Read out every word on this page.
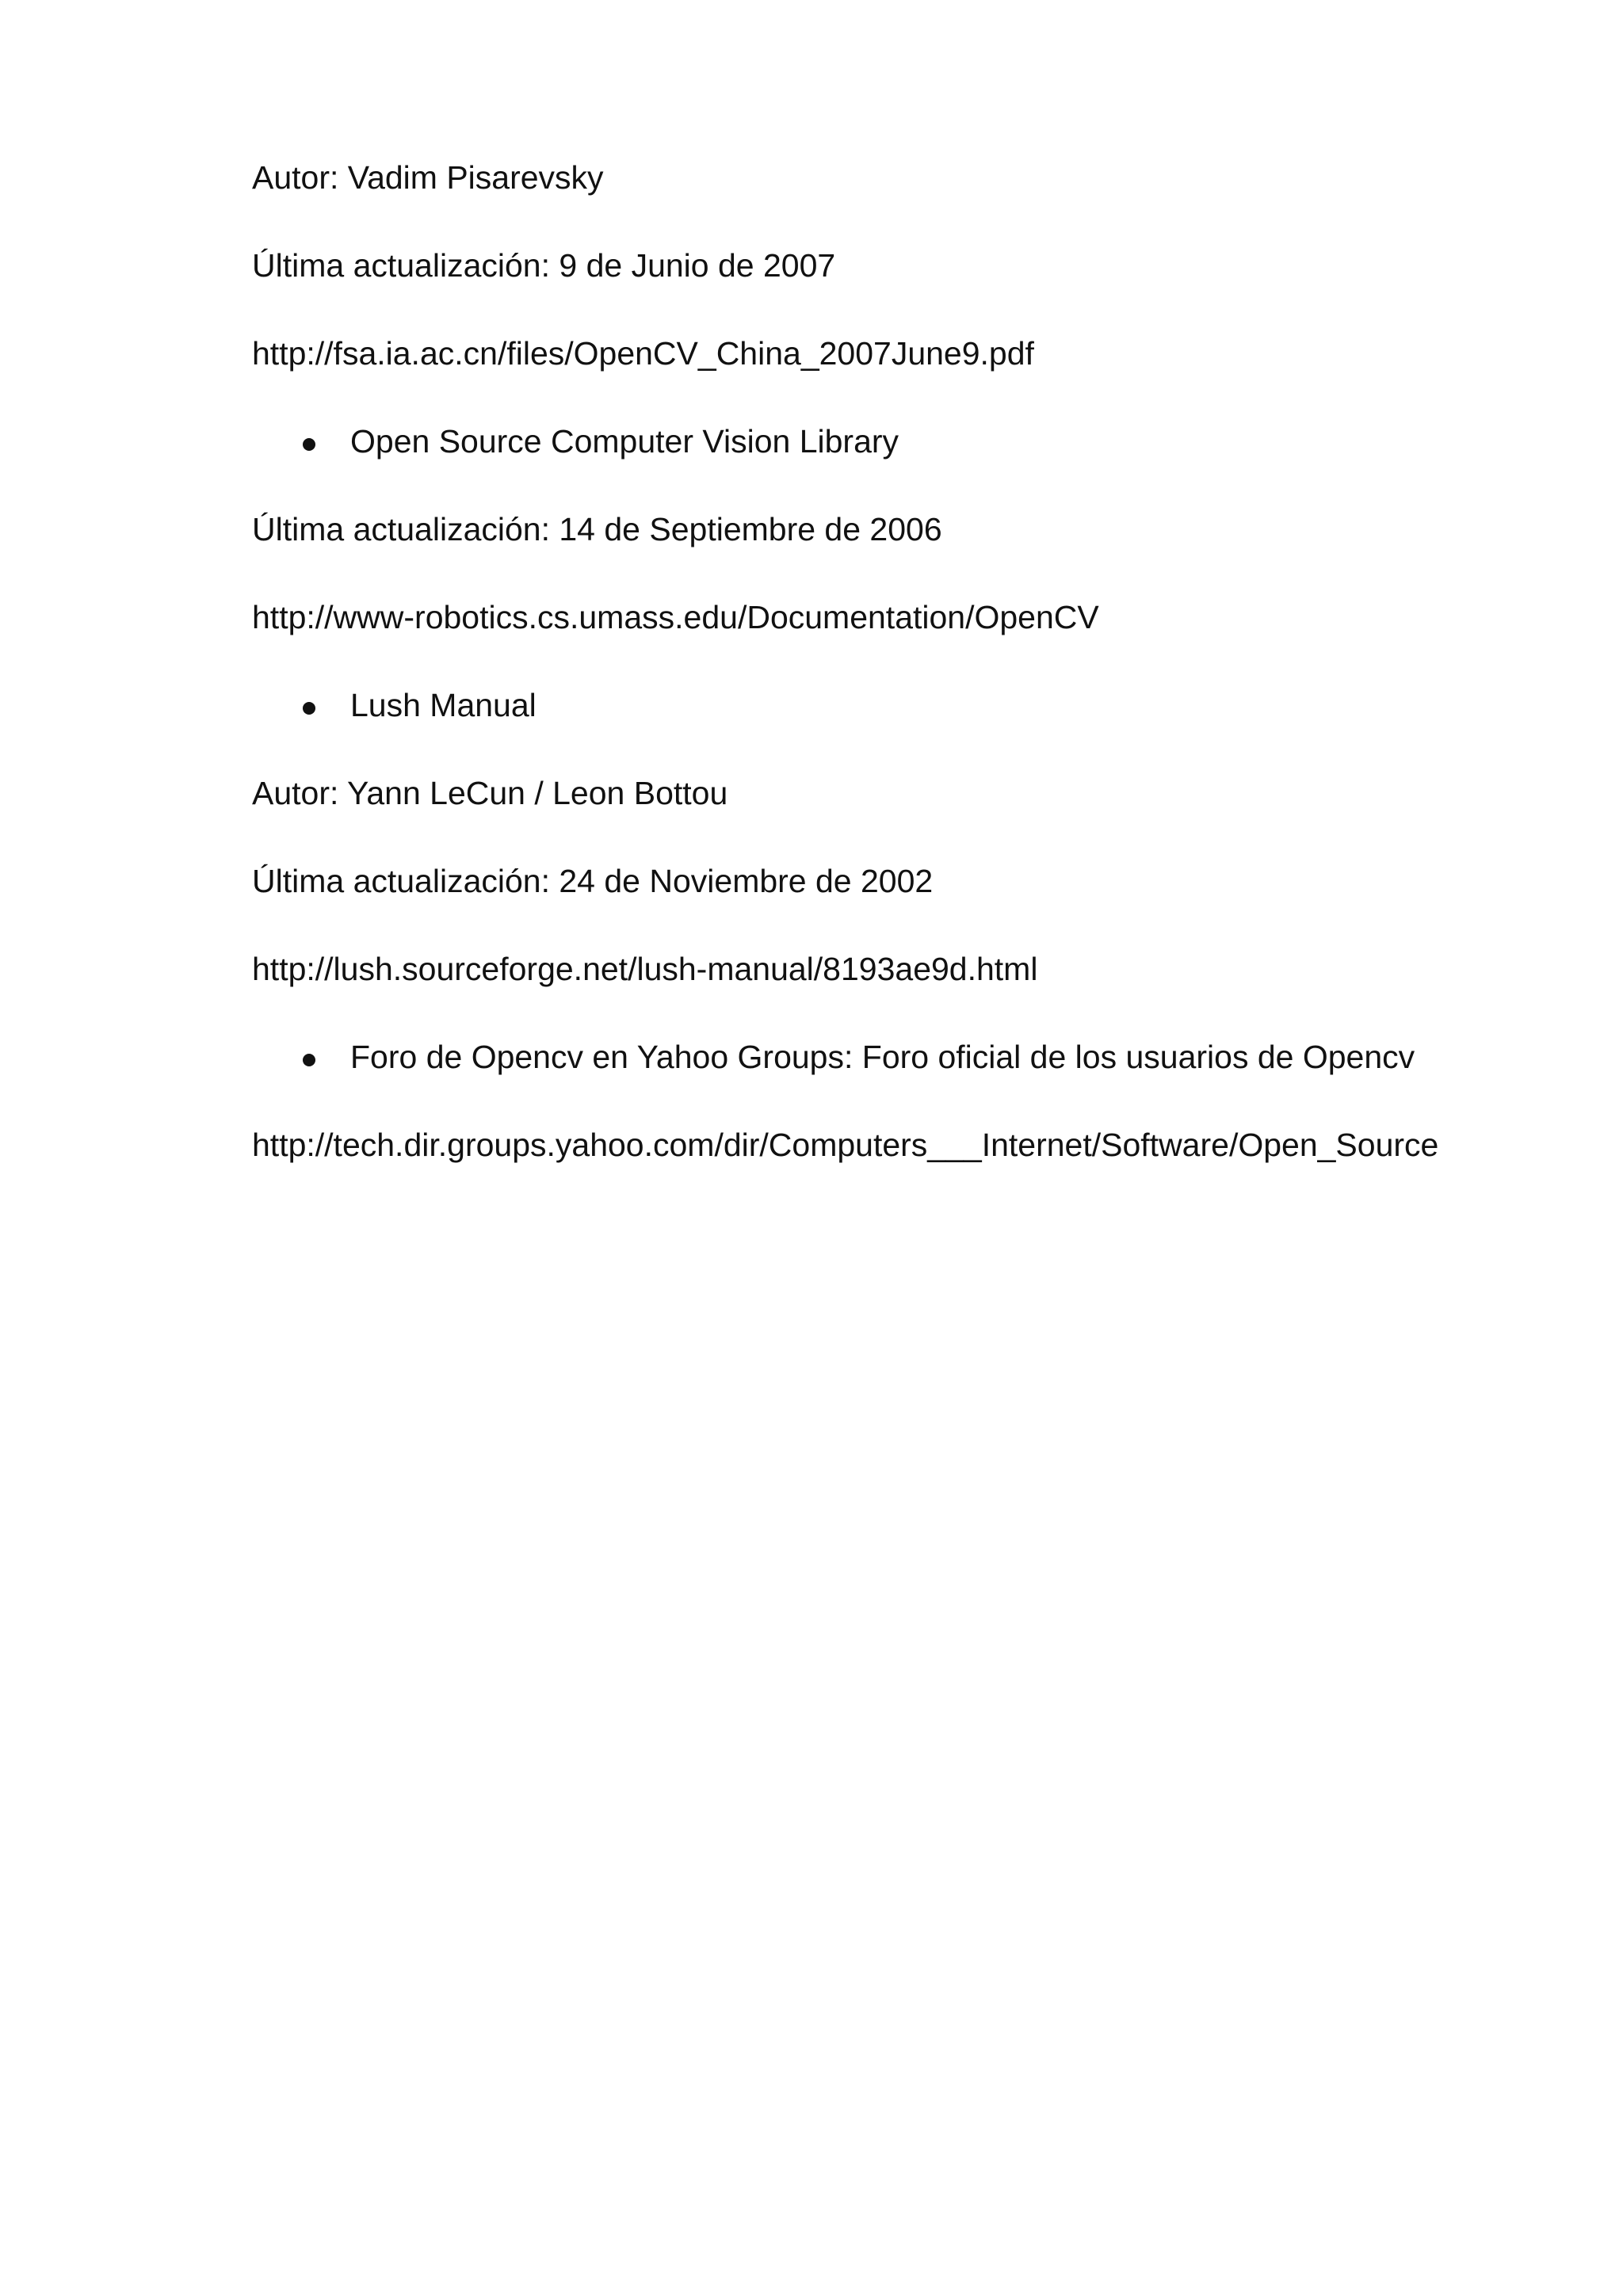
Autor: Vadim Pisarevsky
Última actualización: 9 de Junio de 2007
http://fsa.ia.ac.cn/files/OpenCV_China_2007June9.pdf
Open Source Computer Vision Library
Última actualización: 14 de Septiembre de 2006
http://www-robotics.cs.umass.edu/Documentation/OpenCV
Lush Manual
Autor: Yann LeCun / Leon Bottou
Última actualización: 24 de Noviembre de 2002
http://lush.sourceforge.net/lush-manual/8193ae9d.html
Foro de Opencv en Yahoo Groups: Foro oficial de los usuarios de Opencv
http://tech.dir.groups.yahoo.com/dir/Computers___Internet/Software/Open_Source
